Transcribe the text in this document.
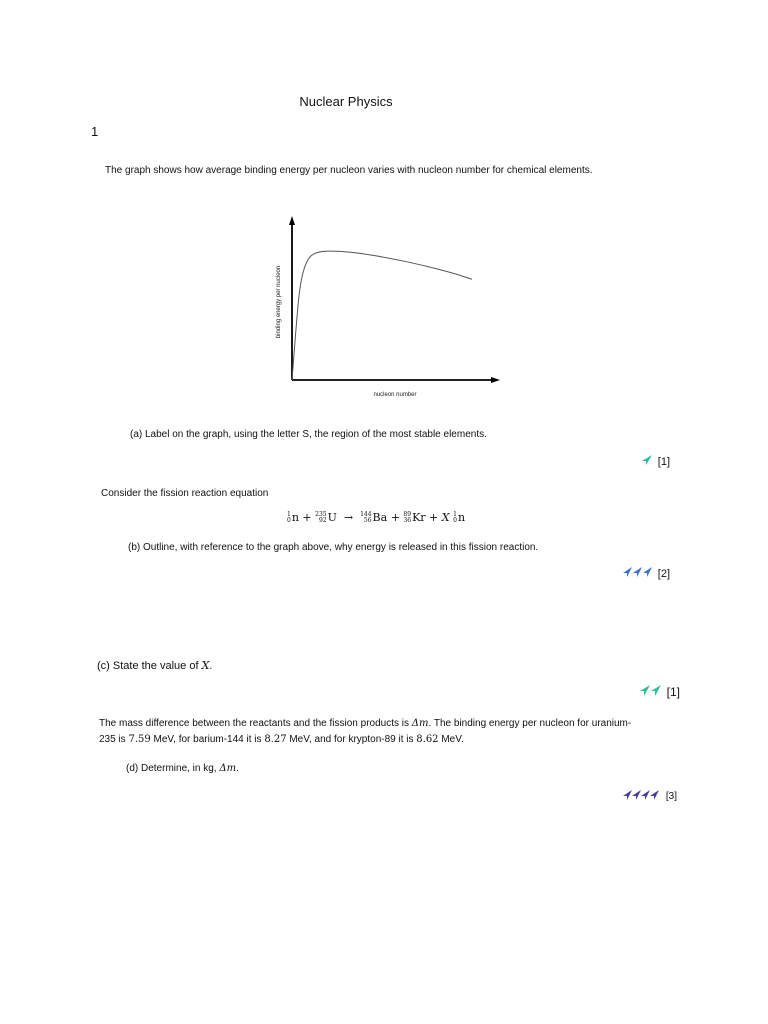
Nuclear Physics
1
The graph shows how average binding energy per nucleon varies with nucleon number for chemical elements.
binding energy per nucleon
nucleon number
(a) Label on the graph, using the letter S, the region of the most stable elements.
[1]
Consider the fission reaction equation
1
0 n + 235
92 U → 144
56 Ba + 89
36 Kr + X 1
0 n
(b) Outline, with reference to the graph above, why energy is released in this fission reaction.
[2]
(c) State the value of X.
[1]
The mass difference between the reactants and the fission products is Δm. The binding energy per nucleon for uranium-
235 is 7.59 MeV, for barium-144 it is 8.27 MeV, and for krypton-89 it is 8.62 MeV.
(d) Determine, in kg, Δm.
[3]
